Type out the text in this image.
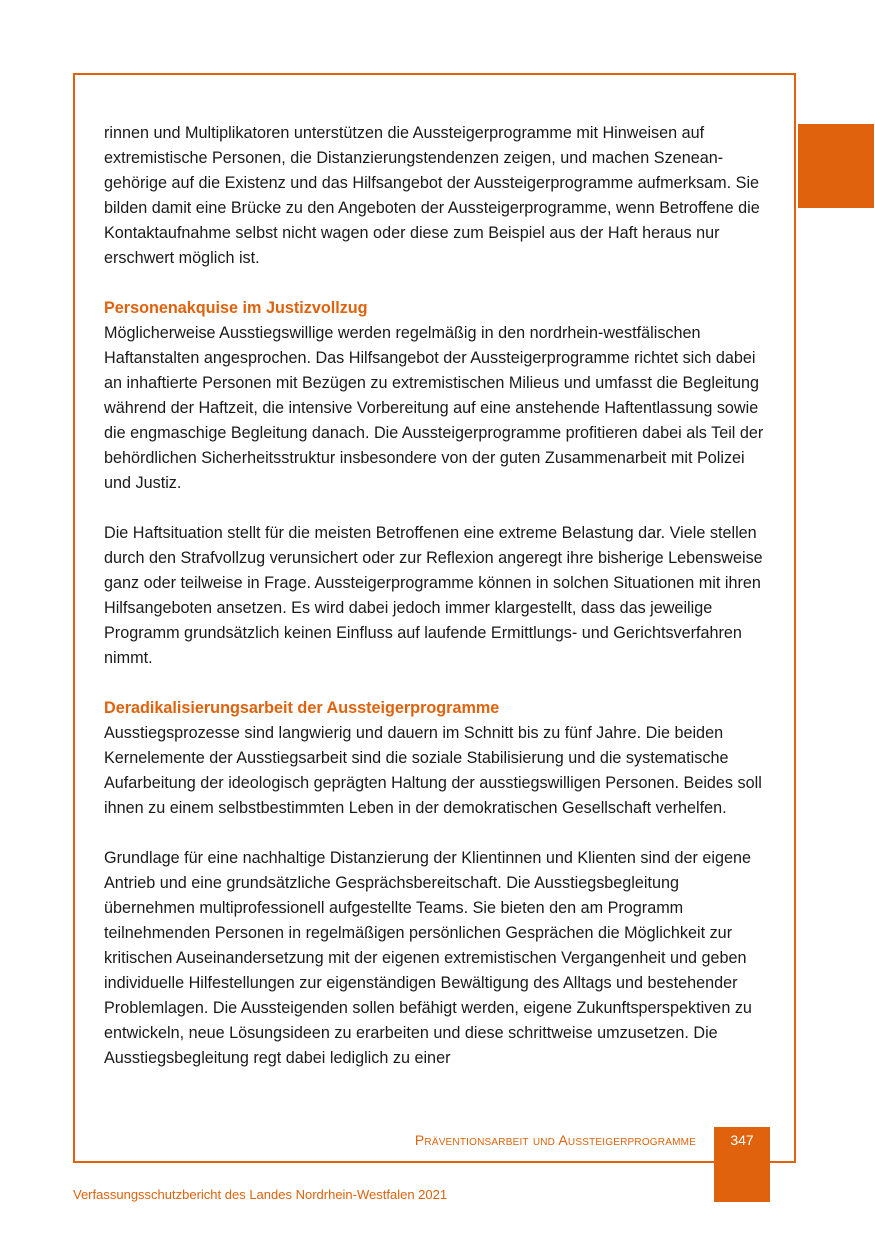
rinnen und Multiplikatoren unterstützen die Aussteigerprogramme mit Hinweisen auf extremistische Personen, die Distanzierungstendenzen zeigen, und machen Szeneangehörige auf die Existenz und das Hilfsangebot der Aussteigerprogramme aufmerksam. Sie bilden damit eine Brücke zu den Angeboten der Aussteigerprogramme, wenn Betroffene die Kontaktaufnahme selbst nicht wagen oder diese zum Beispiel aus der Haft heraus nur erschwert möglich ist.

Personenakquise im Justizvollzug

Möglicherweise Ausstiegswillige werden regelmäßig in den nordrhein-westfälischen Haftanstalten angesprochen. Das Hilfsangebot der Aussteigerprogramme richtet sich dabei an inhaftierte Personen mit Bezügen zu extremistischen Milieus und umfasst die Begleitung während der Haftzeit, die intensive Vorbereitung auf eine anstehende Haftentlassung sowie die engmaschige Begleitung danach. Die Aussteigerprogramme profitieren dabei als Teil der behördlichen Sicherheitsstruktur insbesondere von der guten Zusammenarbeit mit Polizei und Justiz.

Die Haftsituation stellt für die meisten Betroffenen eine extreme Belastung dar. Viele stellen durch den Strafvollzug verunsichert oder zur Reflexion angeregt ihre bisherige Lebensweise ganz oder teilweise in Frage. Aussteigerprogramme können in solchen Situationen mit ihren Hilfsangeboten ansetzen. Es wird dabei jedoch immer klargestellt, dass das jeweilige Programm grundsätzlich keinen Einfluss auf laufende Ermittlungs- und Gerichtsverfahren nimmt.

Deradikalisierungsarbeit der Aussteigerprogramme

Ausstiegsprozesse sind langwierig und dauern im Schnitt bis zu fünf Jahre. Die beiden Kernelemente der Ausstiegsarbeit sind die soziale Stabilisierung und die systematische Aufarbeitung der ideologisch geprägten Haltung der ausstiegswilligen Personen. Beides soll ihnen zu einem selbstbestimmten Leben in der demokratischen Gesellschaft verhelfen.

Grundlage für eine nachhaltige Distanzierung der Klientinnen und Klienten sind der eigene Antrieb und eine grundsätzliche Gesprächsbereitschaft. Die Ausstiegsbegleitung übernehmen multiprofessionell aufgestellte Teams. Sie bieten den am Programm teilnehmenden Personen in regelmäßigen persönlichen Gesprächen die Möglichkeit zur kritischen Auseinandersetzung mit der eigenen extremistischen Vergangenheit und geben individuelle Hilfestellungen zur eigenständigen Bewältigung des Alltags und bestehender Problemlagen. Die Aussteigenden sollen befähigt werden, eigene Zukunftsperspektiven zu entwickeln, neue Lösungsideen zu erarbeiten und diese schrittweise umzusetzen. Die Ausstiegsbegleitung regt dabei lediglich zu einer

Präventionsarbeit und Aussteigerprogramme	347
Verfassungsschutzbericht des Landes Nordrhein-Westfalen 2021
